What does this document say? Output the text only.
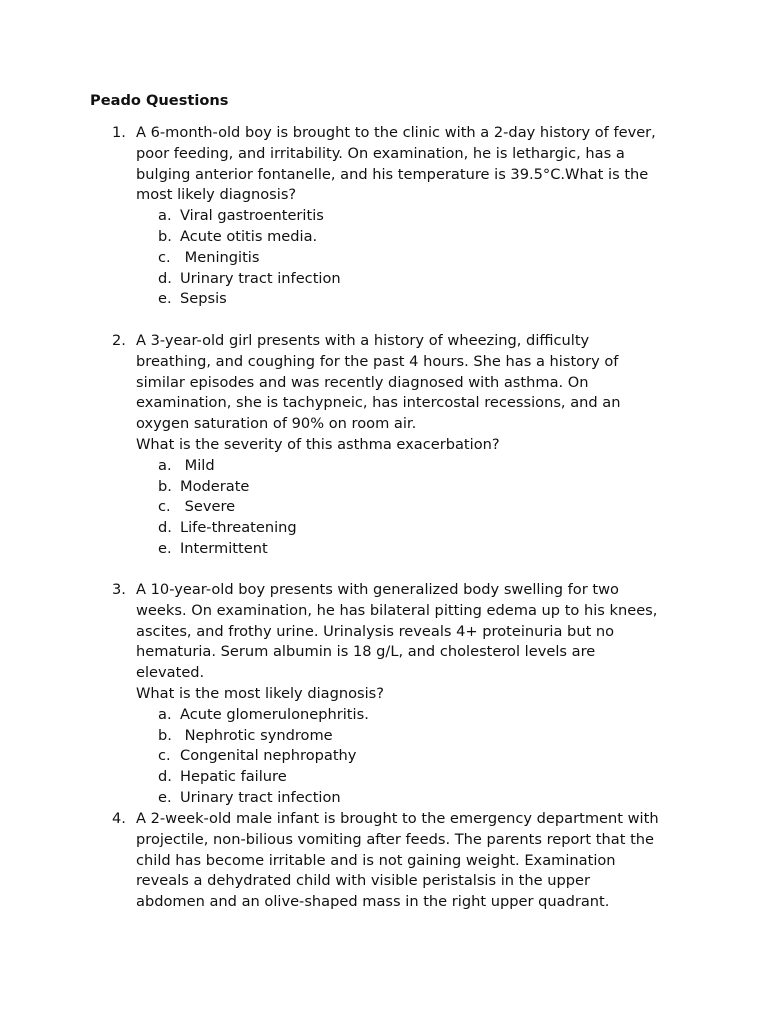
Peado Questions
1. A 6-month-old boy is brought to the clinic with a 2-day history of fever,

poor feeding, and irritability. On examination, he is lethargic, has a

bulging anterior fontanelle, and his temperature is 39.5°C.What is the

most likely diagnosis?

a. Viral gastroenteritis
b. Acute otitis media.
c. Meningitis
d. Urinary tract infection
e. Sepsis
2. A 3-year-old girl presents with a history of wheezing, difficulty

breathing, and coughing for the past 4 hours. She has a history of

similar episodes and was recently diagnosed with asthma. On

examination, she is tachypneic, has intercostal recessions, and an

oxygen saturation of 90% on room air.

What is the severity of this asthma exacerbation?

a. Mild
b. Moderate
c. Severe
d. Life-threatening
e. Intermittent
3. A 10-year-old boy presents with generalized body swelling for two

weeks. On examination, he has bilateral pitting edema up to his knees,

ascites, and frothy urine. Urinalysis reveals 4+ proteinuria but no

hematuria. Serum albumin is 18 g/L, and cholesterol levels are

elevated.

What is the most likely diagnosis?

a. Acute glomerulonephritis.
b. Nephrotic syndrome
c. Congenital nephropathy
d. Hepatic failure
e. Urinary tract infection
4. A 2-week-old male infant is brought to the emergency department with

projectile, non-bilious vomiting after feeds. The parents report that the

child has become irritable and is not gaining weight. Examination

reveals a dehydrated child with visible peristalsis in the upper

abdomen and an olive-shaped mass in the right upper quadrant.
